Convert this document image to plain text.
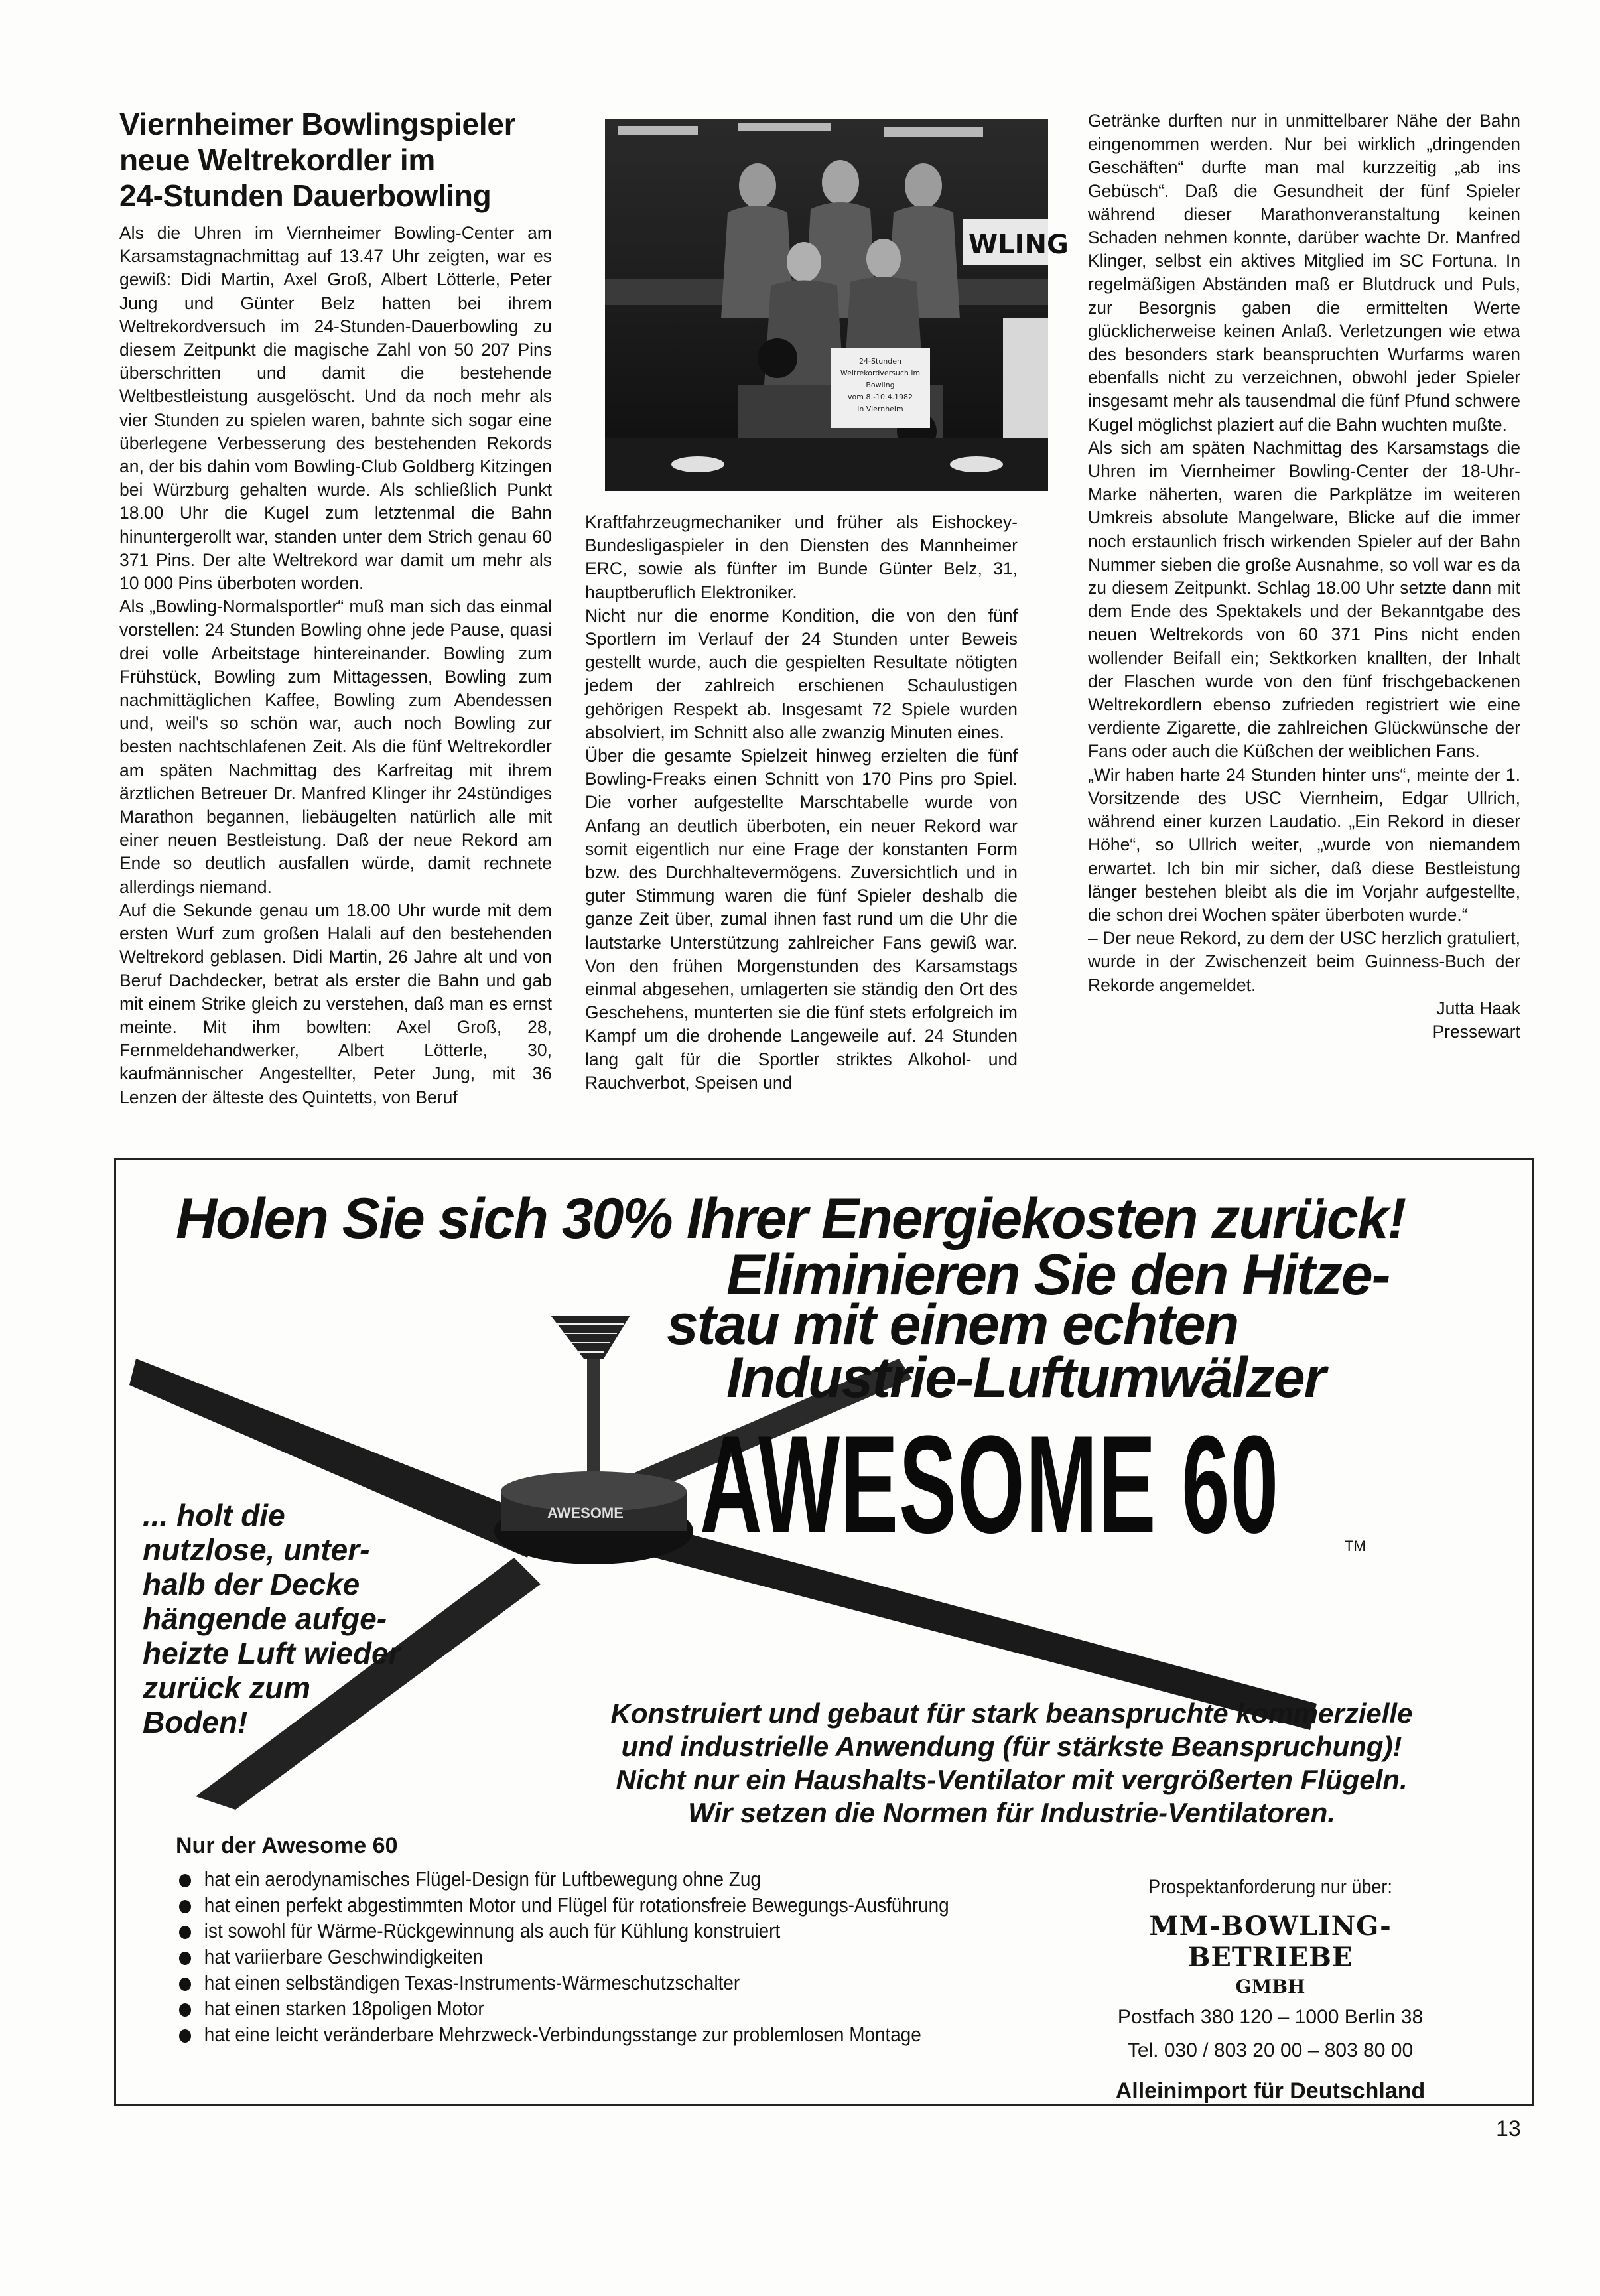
Viernheimer Bowlingspieler
neue Weltrekordler im
24-Stunden Dauerbowling

Als die Uhren im Viernheimer Bowling-Center am Karsamstagnachmittag auf 13.47 Uhr zeigten, war es gewiß: Didi Martin, Axel Groß, Albert Lötterle, Peter Jung und Günter Belz hatten bei ihrem Weltrekordversuch im 24-Stunden-Dauerbowling zu diesem Zeitpunkt die magische Zahl von 50 207 Pins überschritten und damit die bestehende Weltbestleistung ausgelöscht. Und da noch mehr als vier Stunden zu spielen waren, bahnte sich sogar eine überlegene Verbesserung des bestehenden Rekords an, der bis dahin vom Bowling-Club Goldberg Kitzingen bei Würzburg gehalten wurde. Als schließlich Punkt 18.00 Uhr die Kugel zum letztenmal die Bahn hinuntergerollt war, standen unter dem Strich genau 60 371 Pins. Der alte Weltrekord war damit um mehr als 10 000 Pins überboten worden.

Als „Bowling-Normalsportler“ muß man sich das einmal vorstellen: 24 Stunden Bowling ohne jede Pause, quasi drei volle Arbeitstage hintereinander. Bowling zum Frühstück, Bowling zum Mittagessen, Bowling zum nachmittäglichen Kaffee, Bowling zum Abendessen und, weil's so schön war, auch noch Bowling zur besten nachtschlafenen Zeit. Als die fünf Weltrekordler am späten Nachmittag des Karfreitag mit ihrem ärztlichen Betreuer Dr. Manfred Klinger ihr 24stündiges Marathon begannen, liebäugelten natürlich alle mit einer neuen Bestleistung. Daß der neue Rekord am Ende so deutlich ausfallen würde, damit rechnete allerdings niemand.

Auf die Sekunde genau um 18.00 Uhr wurde mit dem ersten Wurf zum großen Halali auf den bestehenden Weltrekord geblasen. Didi Martin, 26 Jahre alt und von Beruf Dachdecker, betrat als erster die Bahn und gab mit einem Strike gleich zu verstehen, daß man es ernst meinte. Mit ihm bowlten: Axel Groß, 28, Fernmeldehandwerker, Albert Lötterle, 30, kaufmännischer Angestellter, Peter Jung, mit 36 Lenzen der älteste des Quintetts, von Beruf

WLING
24-Stunden
Weltrekordversuch im
Bowling
vom 8.-10.4.1982
in Viernheim

Kraftfahrzeugmechaniker und früher als Eishockey-Bundesligaspieler in den Diensten des Mannheimer ERC, sowie als fünfter im Bunde Günter Belz, 31, hauptberuflich Elektroniker.

Nicht nur die enorme Kondition, die von den fünf Sportlern im Verlauf der 24 Stunden unter Beweis gestellt wurde, auch die gespielten Resultate nötigten jedem der zahlreich erschienen Schaulustigen gehörigen Respekt ab. Insgesamt 72 Spiele wurden absolviert, im Schnitt also alle zwanzig Minuten eines.

Über die gesamte Spielzeit hinweg erzielten die fünf Bowling-Freaks einen Schnitt von 170 Pins pro Spiel. Die vorher aufgestellte Marschtabelle wurde von Anfang an deutlich überboten, ein neuer Rekord war somit eigentlich nur eine Frage der konstanten Form bzw. des Durchhaltevermögens. Zuversichtlich und in guter Stimmung waren die fünf Spieler deshalb die ganze Zeit über, zumal ihnen fast rund um die Uhr die lautstarke Unterstützung zahlreicher Fans gewiß war. Von den frühen Morgenstunden des Karsamstags einmal abgesehen, umlagerten sie ständig den Ort des Geschehens, munterten sie die fünf stets erfolgreich im Kampf um die drohende Langeweile auf. 24 Stunden lang galt für die Sportler striktes Alkohol- und Rauchverbot, Speisen und

Getränke durften nur in unmittelbarer Nähe der Bahn eingenommen werden. Nur bei wirklich „dringenden Geschäften“ durfte man mal kurzzeitig „ab ins Gebüsch“. Daß die Gesundheit der fünf Spieler während dieser Marathonveranstaltung keinen Schaden nehmen konnte, darüber wachte Dr. Manfred Klinger, selbst ein aktives Mitglied im SC Fortuna. In regelmäßigen Abständen maß er Blutdruck und Puls, zur Besorgnis gaben die ermittelten Werte glücklicherweise keinen Anlaß. Verletzungen wie etwa des besonders stark beanspruchten Wurfarms waren ebenfalls nicht zu verzeichnen, obwohl jeder Spieler insgesamt mehr als tausendmal die fünf Pfund schwere Kugel möglichst plaziert auf die Bahn wuchten mußte.

Als sich am späten Nachmittag des Karsamstags die Uhren im Viernheimer Bowling-Center der 18-Uhr-Marke näherten, waren die Parkplätze im weiteren Umkreis absolute Mangelware, Blicke auf die immer noch erstaunlich frisch wirkenden Spieler auf der Bahn Nummer sieben die große Ausnahme, so voll war es da zu diesem Zeitpunkt. Schlag 18.00 Uhr setzte dann mit dem Ende des Spektakels und der Bekanntgabe des neuen Weltrekords von 60 371 Pins nicht enden wollender Beifall ein; Sektkorken knallten, der Inhalt der Flaschen wurde von den fünf frischgebackenen Weltrekordlern ebenso zufrieden registriert wie eine verdiente Zigarette, die zahlreichen Glückwünsche der Fans oder auch die Küßchen der weiblichen Fans.

„Wir haben harte 24 Stunden hinter uns“, meinte der 1. Vorsitzende des USC Viernheim, Edgar Ullrich, während einer kurzen Laudatio. „Ein Rekord in dieser Höhe“, so Ullrich weiter, „wurde von niemandem erwartet. Ich bin mir sicher, daß diese Bestleistung länger bestehen bleibt als die im Vorjahr aufgestellte, die schon drei Wochen später überboten wurde.“

– Der neue Rekord, zu dem der USC herzlich gratuliert, wurde in der Zwischenzeit beim Guinness-Buch der Rekorde angemeldet.

Jutta Haak

Pressewart

AWESOME
Holen Sie sich 30% Ihrer Energiekosten zurück!
Eliminieren Sie den Hitze-
stau mit einem echten
Industrie-Luftumwälzer
AWESOME 60	TM

... holt die

nutzlose, unter-

halb der Decke

hängende aufge-

heizte Luft wieder

zurück zum

Boden!	Konstruiert und gebaut für stark beanspruchte kommerzielle

und industrielle Anwendung (für stärkste Beanspruchung)!

Nicht nur ein Haushalts-Ventilator mit vergrößerten Flügeln.

Wir setzen die Normen für Industrie-Ventilatoren.

Nur der Awesome 60
hat ein aerodynamisches Flügel-Design für Luftbewegung ohne Zug
hat einen perfekt abgestimmten Motor und Flügel für rotationsfreie Bewegungs-Ausführung
ist sowohl für Wärme-Rückgewinnung als auch für Kühlung konstruiert
hat variierbare Geschwindigkeiten
hat einen selbständigen Texas-Instruments-Wärmeschutzschalter
hat einen starken 18poligen Motor
hat eine leicht veränderbare Mehrzweck-Verbindungsstange zur problemlosen Montage
Prospektanforderung nur über:
MM-BOWLING-BETRIEBE
GMBH
Postfach 380 120 – 1000 Berlin 38
Tel. 030 / 803 20 00 – 803 80 00
Alleinimport für Deutschland
13
